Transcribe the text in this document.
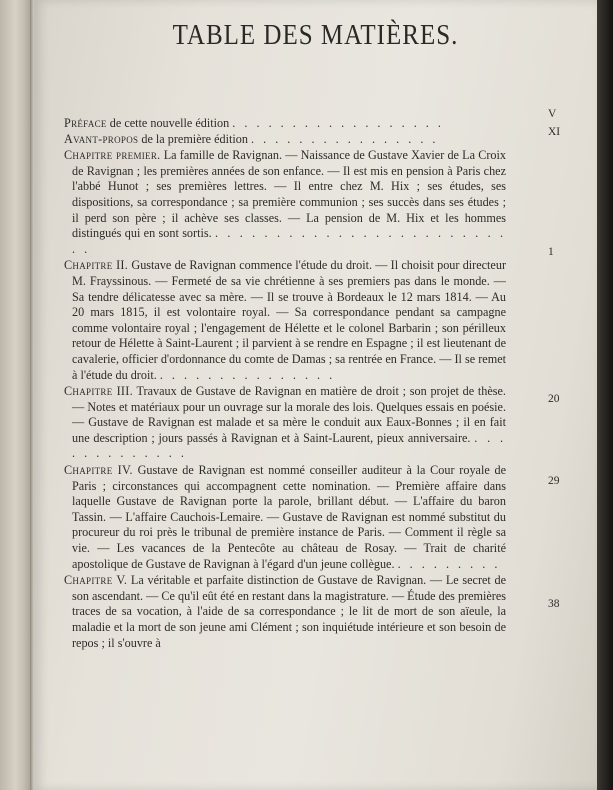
TABLE DES MATIÈRES.

Préface de cette nouvelle édition . . . . . . . . . . . . . . . . . .

Avant-propos de la première édition . . . . . . . . . . . . . . . .

Chapitre premier. La famille de Ravignan. — Naissance de Gustave Xavier de La Croix de Ravignan ; les premières années de son enfance. — Il est mis en pension à Paris chez l'abbé Hunot ; ses premières lettres. — Il entre chez M. Hix ; ses études, ses dispositions, sa correspondance ; sa première communion ; ses succès dans ses études ; il perd son père ; il achève ses classes. — La pension de M. Hix et les hommes distingués qui en sont sortis. . . . . . . . . . . . . . . . . . . . . . . . . . .

Chapitre II. Gustave de Ravignan commence l'étude du droit. — Il choisit pour directeur M. Frayssinous. — Fermeté de sa vie chrétienne à ses premiers pas dans le monde. — Sa tendre délicatesse avec sa mère. — Il se trouve à Bordeaux le 12 mars 1814. — Au 20 mars 1815, il est volontaire royal. — Sa correspondance pendant sa campagne comme volontaire royal ; l'engagement de Hélette et le colonel Barbarin ; son périlleux retour de Hélette à Saint-Laurent ; il parvient à se rendre en Espagne ; il est lieutenant de cavalerie, officier d'ordonnance du comte de Damas ; sa rentrée en France. — Il se remet à l'étude du droit. . . . . . . . . . . . . . . .

Chapitre III. Travaux de Gustave de Ravignan en matière de droit ; son projet de thèse. — Notes et matériaux pour un ouvrage sur la morale des lois. Quelques essais en poésie. — Gustave de Ravignan est malade et sa mère le conduit aux Eaux-Bonnes ; il en fait une description ; jours passés à Ravignan et à Saint-Laurent, pieux anniversaire. . . . . . . . . . . . . .

Chapitre IV. Gustave de Ravignan est nommé conseiller auditeur à la Cour royale de Paris ; circonstances qui accompagnent cette nomination. — Première affaire dans laquelle Gustave de Ravignan porte la parole, brillant début. — L'affaire du baron Tassin. — L'affaire Cauchois-Lemaire. — Gustave de Ravignan est nommé substitut du procureur du roi près le tribunal de première instance de Paris. — Comment il règle sa vie. — Les vacances de la Pentecôte au château de Rosay. — Trait de charité apostolique de Gustave de Ravignan à l'égard d'un jeune collègue. . . . . . . . . .

Chapitre V. La véritable et parfaite distinction de Gustave de Ravignan. — Le secret de son ascendant. — Ce qu'il eût été en restant dans la magistrature. — Étude des premières traces de sa vocation, à l'aide de sa correspondance ; le lit de mort de son aïeule, la maladie et la mort de son jeune ami Clément ; son inquiétude intérieure et son besoin de repos ; il s'ouvre à

V
XI
1
20
29
38
